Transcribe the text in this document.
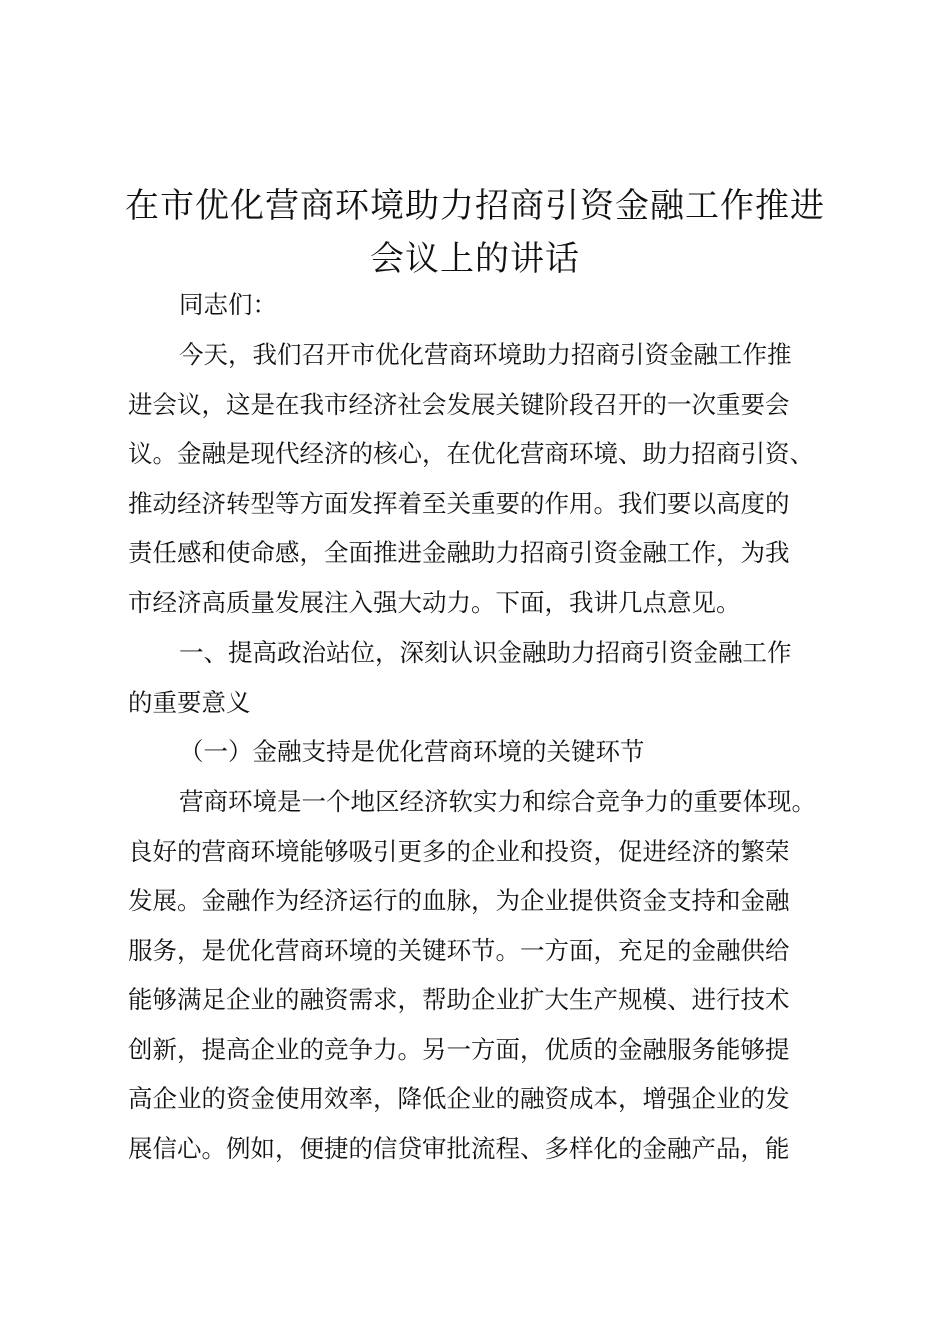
在市优化营商环境助力招商引资金融工作推进
会议上的讲话
同志们：
今天，我们召开市优化营商环境助力招商引资金融工作推
进会议，这是在我市经济社会发展关键阶段召开的一次重要会
议。金融是现代经济的核心，在优化营商环境、助力招商引资、
推动经济转型等方面发挥着至关重要的作用。我们要以高度的
责任感和使命感，全面推进金融助力招商引资金融工作，为我
市经济高质量发展注入强大动力。下面，我讲几点意见。
一、提高政治站位，深刻认识金融助力招商引资金融工作
的重要意义
（一）金融支持是优化营商环境的关键环节
营商环境是一个地区经济软实力和综合竞争力的重要体现。
良好的营商环境能够吸引更多的企业和投资，促进经济的繁荣
发展。金融作为经济运行的血脉，为企业提供资金支持和金融
服务，是优化营商环境的关键环节。一方面，充足的金融供给
能够满足企业的融资需求，帮助企业扩大生产规模、进行技术
创新，提高企业的竞争力。另一方面，优质的金融服务能够提
高企业的资金使用效率，降低企业的融资成本，增强企业的发
展信心。例如，便捷的信贷审批流程、多样化的金融产品，能
